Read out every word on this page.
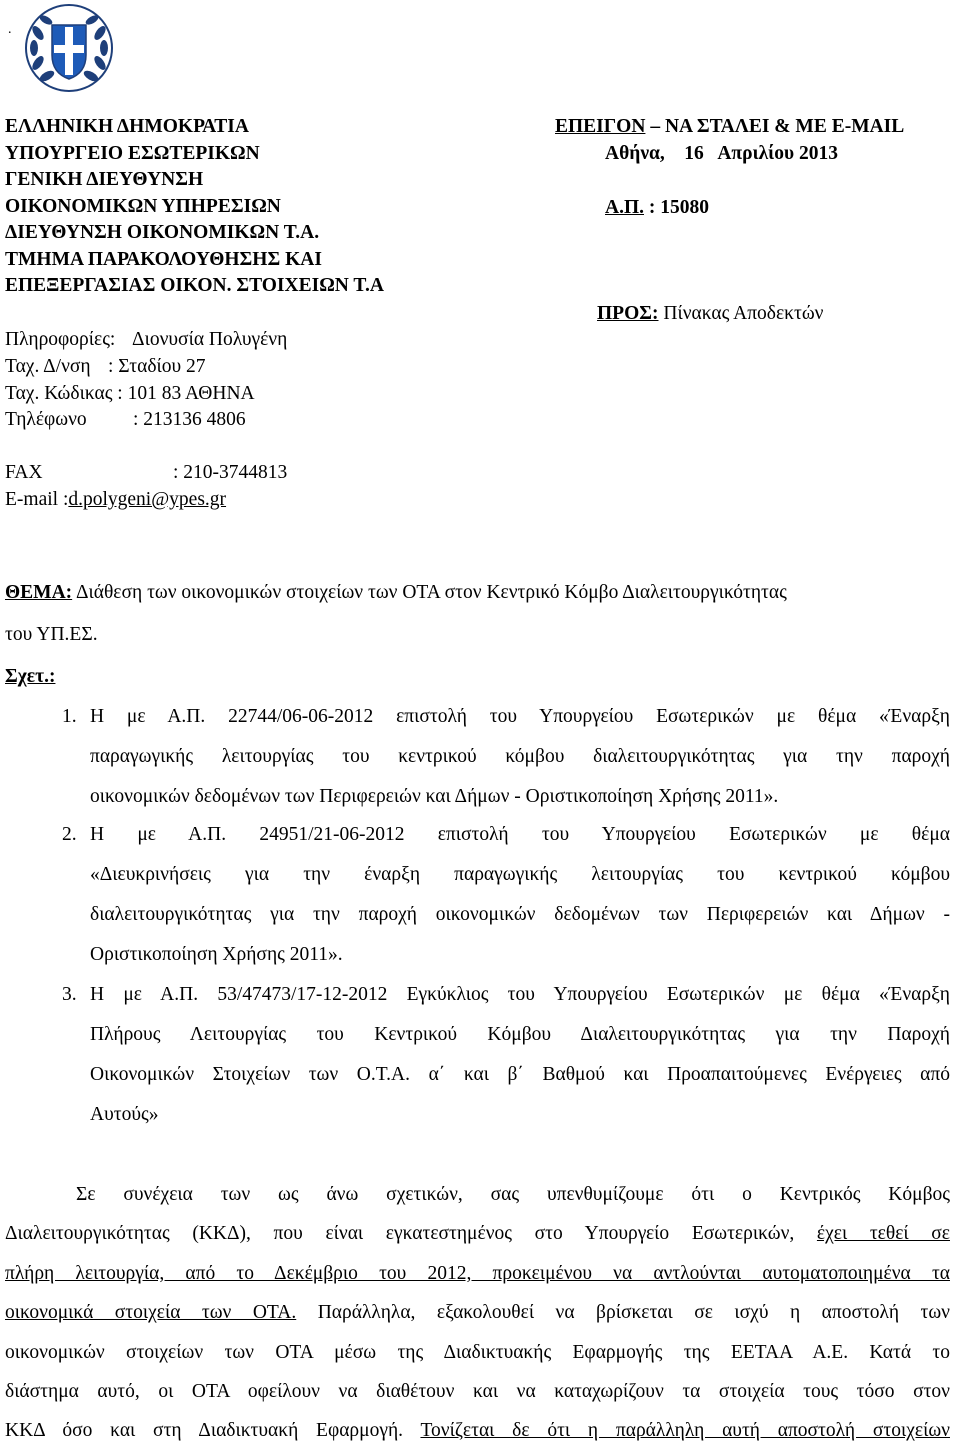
.
ΕΛΛΗΝΙΚΗ ΔΗΜΟΚΡΑΤΙΑ
ΥΠΟΥΡΓΕΙΟ ΕΣΩΤΕΡΙΚΩΝ
ΓΕΝΙΚΗ ΔΙΕΥΘΥΝΣΗ
ΟΙΚΟΝΟΜΙΚΩΝ ΥΠΗΡΕΣΙΩΝ
ΔΙΕΥΘΥΝΣΗ ΟΙΚΟΝΟΜΙΚΩΝ Τ.Α.
ΤΜΗΜΑ ΠΑΡΑΚΟΛΟΥΘΗΣΗΣ ΚΑΙ
ΕΠΕΞΕΡΓΑΣΙΑΣ ΟΙΚΟΝ. ΣΤΟΙΧΕΙΩΝ Τ.Α
Πληροφορίες: Διονυσία Πολυγένη
Ταχ. Δ/νση : Σταδίου 27
Ταχ. Κώδικας : 101 83 ΑΘΗΝΑ
Τηλέφωνο : 213136 4806
FAX	: 210-3744813
E-mail :d.polygeni@ypes.gr
ΕΠΕΙΓΟΝ – ΝΑ ΣΤΑΛΕΙ & ΜΕ E-MAIL
Αθήνα,    16   Απριλίου 2013
Α.Π. : 15080
ΠΡΟΣ: Πίνακας Αποδεκτών
ΘΕΜΑ: Διάθεση των οικονομικών στοιχείων των ΟΤΑ στον Κεντρικό Κόμβο Διαλειτουργικότητας
του ΥΠ.ΕΣ.
Σχετ.:
1. Η με Α.Π. 22744/06-06-2012 επιστολή του Υπουργείου Εσωτερικών με θέμα «Έναρξη
παραγωγικής λειτουργίας του κεντρικού κόμβου διαλειτουργικότητας για την παροχή
οικονομικών δεδομένων των Περιφερειών και Δήμων - Οριστικοποίηση Χρήσης 2011».
2. Η με Α.Π. 24951/21-06-2012 επιστολή του Υπουργείου Εσωτερικών με θέμα
«Διευκρινήσεις για την έναρξη παραγωγικής λειτουργίας του κεντρικού κόμβου
διαλειτουργικότητας για την παροχή οικονομικών δεδομένων των Περιφερειών και Δήμων -
Οριστικοποίηση Χρήσης 2011».
3. Η με Α.Π. 53/47473/17-12-2012 Εγκύκλιος του Υπουργείου Εσωτερικών με θέμα «Έναρξη
Πλήρους Λειτουργίας του Κεντρικού Κόμβου Διαλειτουργικότητας για την Παροχή
Οικονομικών Στοιχείων των Ο.Τ.Α. α΄ και β΄ Βαθμού και Προαπαιτούμενες Ενέργειες από
Αυτούς»
Σε συνέχεια των ως άνω σχετικών, σας υπενθυμίζουμε ότι ο Κεντρικός Κόμβος
Διαλειτουργικότητας (ΚΚΔ), που είναι εγκατεστημένος στο Υπουργείο Εσωτερικών, έχει τεθεί σε
πλήρη λειτουργία, από το Δεκέμβριο του 2012, προκειμένου να αντλούνται αυτοματοποιημένα τα
οικονομικά στοιχεία των ΟΤΑ. Παράλληλα, εξακολουθεί να βρίσκεται σε ισχύ η αποστολή των
οικονομικών στοιχείων των ΟΤΑ μέσω της Διαδικτυακής Εφαρμογής της ΕΕΤΑΑ Α.Ε. Κατά το
διάστημα αυτό, οι ΟΤΑ οφείλουν να διαθέτουν και να καταχωρίζουν τα στοιχεία τους τόσο στον
ΚΚΔ όσο και στη Διαδικτυακή Εφαρμογή. Τονίζεται δε ότι η παράλληλη αυτή αποστολή στοιχείων
